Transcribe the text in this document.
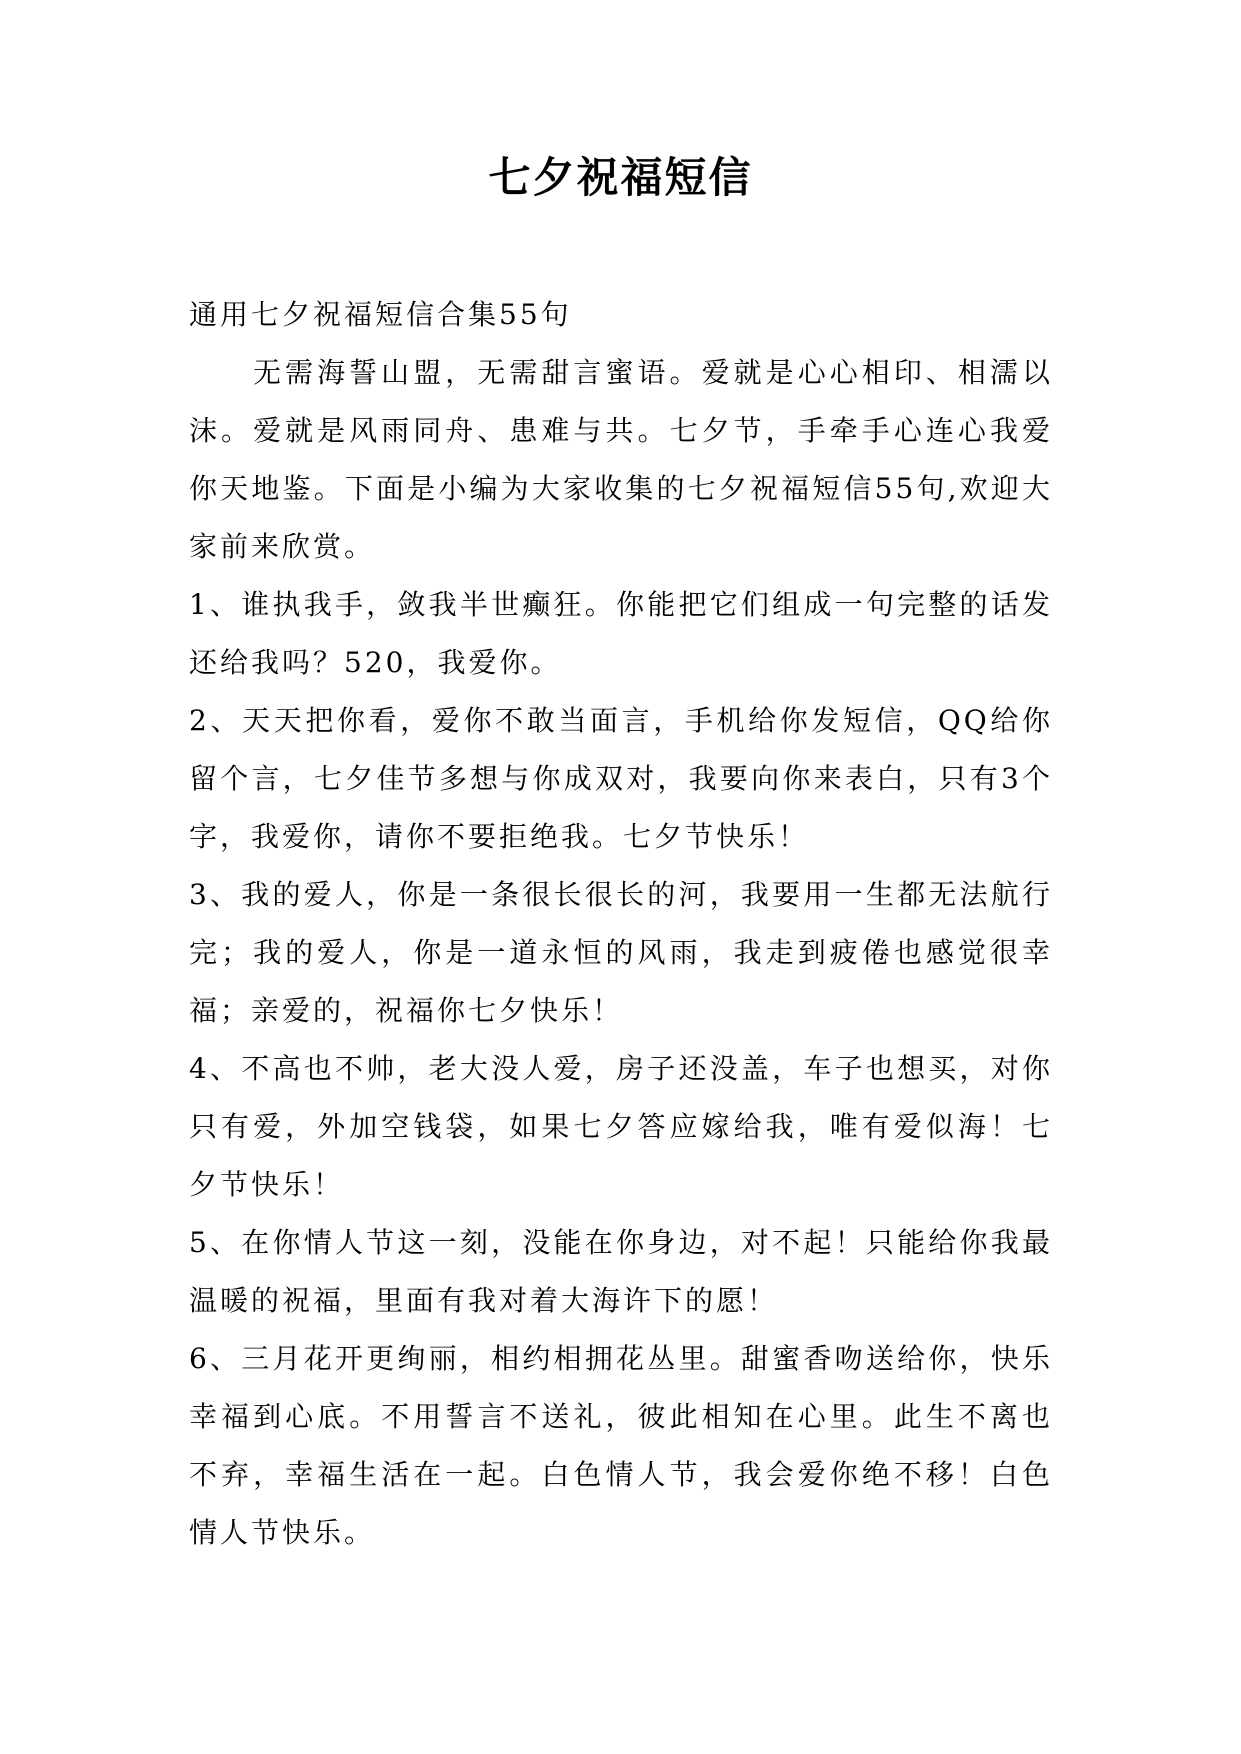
七夕祝福短信

通用七夕祝福短信合集55句

无需海誓山盟，无需甜言蜜语。爱就是心心相印、相濡以沫。爱就是风雨同舟、患难与共。七夕节，手牵手心连心我爱你天地鉴。下面是小编为大家收集的七夕祝福短信55句,欢迎大家前来欣赏。

1、谁执我手，敛我半世癫狂。你能把它们组成一句完整的话发还给我吗？520，我爱你。

2、天天把你看，爱你不敢当面言，手机给你发短信，QQ给你留个言，七夕佳节多想与你成双对，我要向你来表白，只有3个字，我爱你，请你不要拒绝我。七夕节快乐！

3、我的爱人，你是一条很长很长的河，我要用一生都无法航行完；我的爱人，你是一道永恒的风雨，我走到疲倦也感觉很幸福；亲爱的，祝福你七夕快乐！

4、不高也不帅，老大没人爱，房子还没盖，车子也想买，对你只有爱，外加空钱袋，如果七夕答应嫁给我，唯有爱似海！七夕节快乐！

5、在你情人节这一刻，没能在你身边，对不起！只能给你我最温暖的祝福，里面有我对着大海许下的愿！

6、三月花开更绚丽，相约相拥花丛里。甜蜜香吻送给你，快乐幸福到心底。不用誓言不送礼，彼此相知在心里。此生不离也不弃，幸福生活在一起。白色情人节，我会爱你绝不移！白色情人节快乐。
